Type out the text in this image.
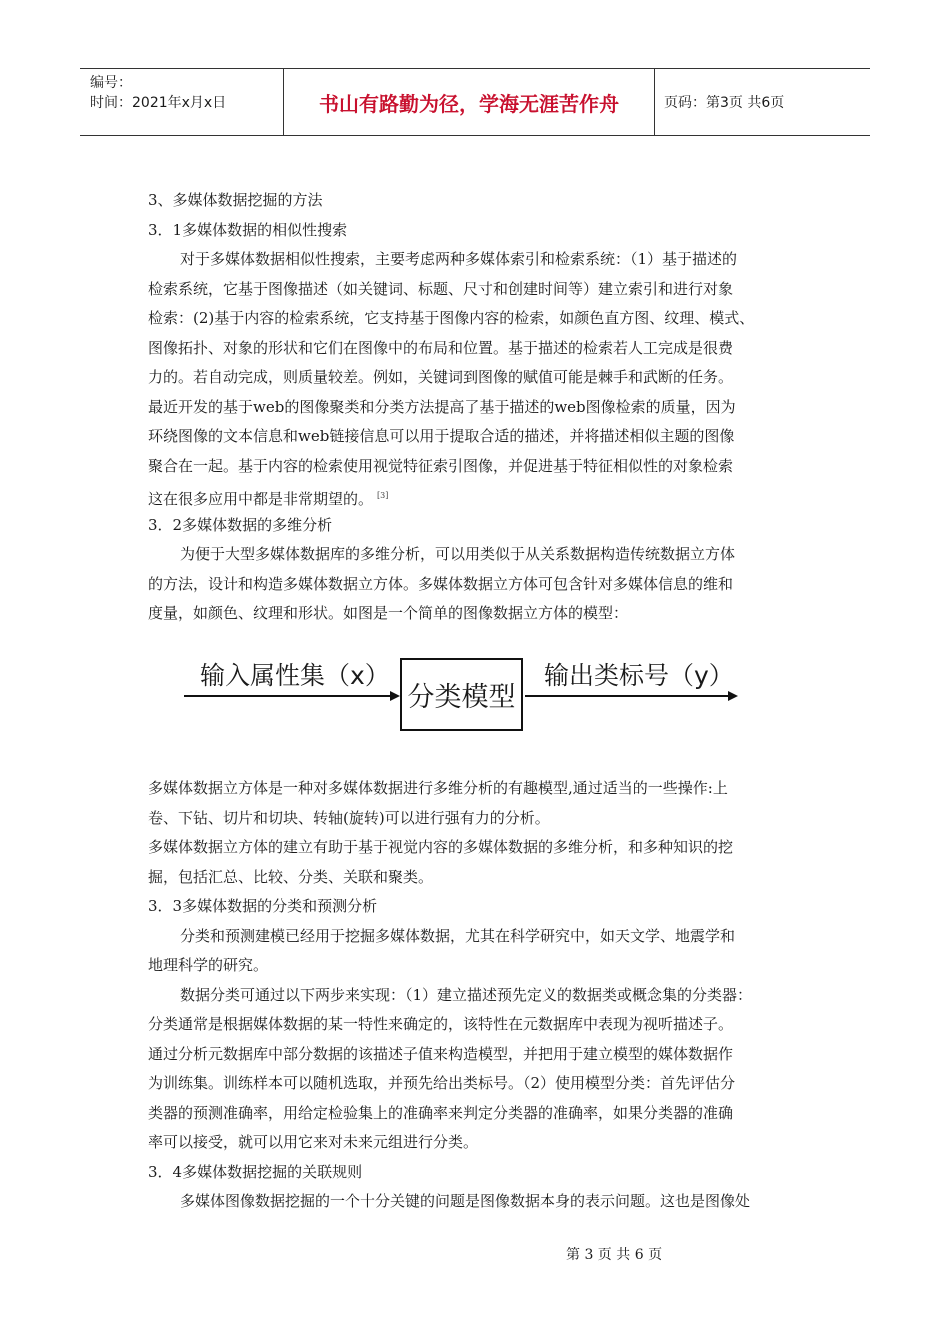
编号：
时间：2021年x月x日	书山有路勤为径，学海无涯苦作舟	页码：第3页 共6页
3、多媒体数据挖掘的方法
3．1多媒体数据的相似性搜索
对于多媒体数据相似性搜索，主要考虑两种多媒体索引和检索系统：（1）基于描述的
检索系统，它基于图像描述（如关键词、标题、尺寸和创建时间等）建立索引和进行对象
检索：(2)基于内容的检索系统，它支持基于图像内容的检索，如颜色直方图、纹理、模式、
图像拓扑、对象的形状和它们在图像中的布局和位置。基于描述的检索若人工完成是很费
力的。若自动完成，则质量较差。例如，关键词到图像的赋值可能是棘手和武断的任务。
最近开发的基于web的图像聚类和分类方法提高了基于描述的web图像检索的质量，因为
环绕图像的文本信息和web链接信息可以用于提取合适的描述，并将描述相似主题的图像
聚合在一起。基于内容的检索使用视觉特征索引图像，并促进基于特征相似性的对象检索
这在很多应用中都是非常期望的。 [3]
3．2多媒体数据的多维分析
为便于大型多媒体数据库的多维分析，可以用类似于从关系数据构造传统数据立方体
的方法，设计和构造多媒体数据立方体。多媒体数据立方体可包含针对多媒体信息的维和
度量，如颜色、纹理和形状。如图是一个简单的图像数据立方体的模型：
输入属性集（x）
分类模型
输出类标号（y）
多媒体数据立方体是一种对多媒体数据进行多维分析的有趣模型,通过适当的一些操作:上
卷、下钻、切片和切块、转轴(旋转)可以进行强有力的分析。
多媒体数据立方体的建立有助于基于视觉内容的多媒体数据的多维分析，和多种知识的挖
掘，包括汇总、比较、分类、关联和聚类。
3．3多媒体数据的分类和预测分析
分类和预测建模已经用于挖掘多媒体数据，尤其在科学研究中，如天文学、地震学和
地理科学的研究。
数据分类可通过以下两步来实现：（1）建立描述预先定义的数据类或概念集的分类器：
分类通常是根据媒体数据的某一特性来确定的，该特性在元数据库中表现为视听描述子。
通过分析元数据库中部分数据的该描述子值来构造模型，并把用于建立模型的媒体数据作
为训练集。训练样本可以随机选取，并预先给出类标号。（2）使用模型分类：首先评估分
类器的预测准确率，用给定检验集上的准确率来判定分类器的准确率，如果分类器的准确
率可以接受，就可以用它来对未来元组进行分类。
3．4多媒体数据挖掘的关联规则
多媒体图像数据挖掘的一个十分关键的问题是图像数据本身的表示问题。这也是图像处
第 3 页 共 6 页
